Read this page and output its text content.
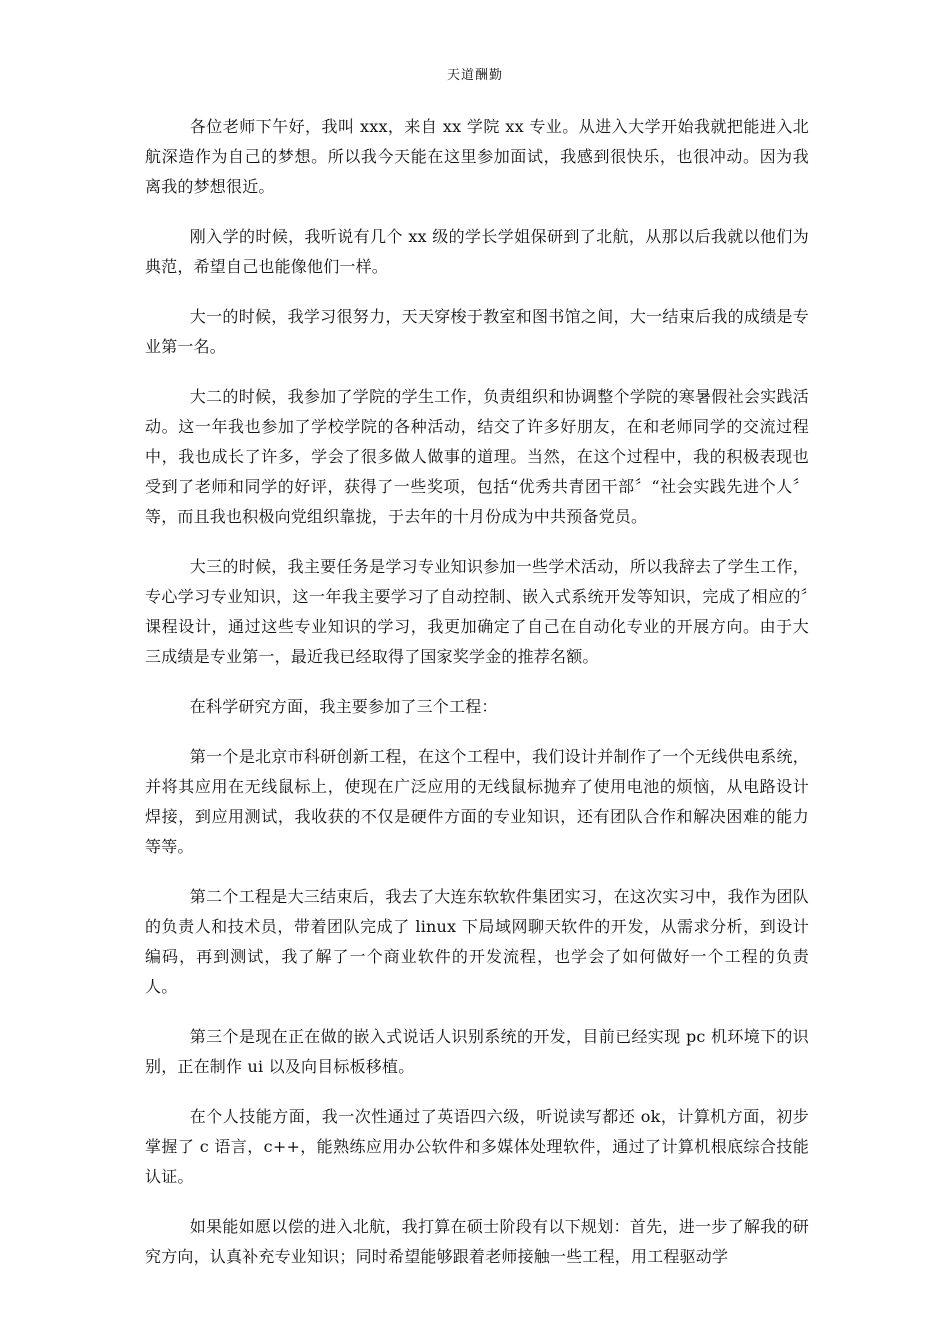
天道酬勤

各位老师下午好，我叫 xxx，来自 xx 学院 xx 专业。从进入大学开始我就把能进入北航深造作为自己的梦想。所以我今天能在这里参加面试，我感到很快乐，也很冲动。因为我离我的梦想很近。

刚入学的时候，我听说有几个 xx 级的学长学姐保研到了北航，从那以后我就以他们为典范，希望自己也能像他们一样。

大一的时候，我学习很努力，天天穿梭于教室和图书馆之间，大一结束后我的成绩是专业第一名。

大二的时候，我参加了学院的学生工作，负责组织和协调整个学院的寒暑假社会实践活动。这一年我也参加了学校学院的各种活动，结交了许多好朋友，在和老师同学的交流过程中，我也成长了许多，学会了很多做人做事的道理。当然，在这个过程中，我的积极表现也受到了老师和同学的好评，获得了一些奖项，包括“优秀共青团干部〞“社会实践先进个人〞等，而且我也积极向党组织靠拢，于去年的十月份成为中共预备党员。

大三的时候，我主要任务是学习专业知识参加一些学术活动，所以我辞去了学生工作，专心学习专业知识，这一年我主要学习了自动控制、嵌入式系统开发等知识，完成了相应的〞课程设计，通过这些专业知识的学习，我更加确定了自己在自动化专业的开展方向。由于大三成绩是专业第一，最近我已经取得了国家奖学金的推荐名额。

在科学研究方面，我主要参加了三个工程：

第一个是北京市科研创新工程，在这个工程中，我们设计并制作了一个无线供电系统，并将其应用在无线鼠标上，使现在广泛应用的无线鼠标抛弃了使用电池的烦恼，从电路设计焊接，到应用测试，我收获的不仅是硬件方面的专业知识，还有团队合作和解决困难的能力等等。

第二个工程是大三结束后，我去了大连东软软件集团实习，在这次实习中，我作为团队的负责人和技术员，带着团队完成了 linux 下局域网聊天软件的开发，从需求分析，到设计编码，再到测试，我了解了一个商业软件的开发流程，也学会了如何做好一个工程的负责人。

第三个是现在正在做的嵌入式说话人识别系统的开发，目前已经实现 pc 机环境下的识别，正在制作 ui 以及向目标板移植。

在个人技能方面，我一次性通过了英语四六级，听说读写都还 ok，计算机方面，初步掌握了 c 语言，c++，能熟练应用办公软件和多媒体处理软件，通过了计算机根底综合技能认证。

如果能如愿以偿的进入北航，我打算在硕士阶段有以下规划：首先，进一步了解我的研究方向，认真补充专业知识；同时希望能够跟着老师接触一些工程，用工程驱动学
